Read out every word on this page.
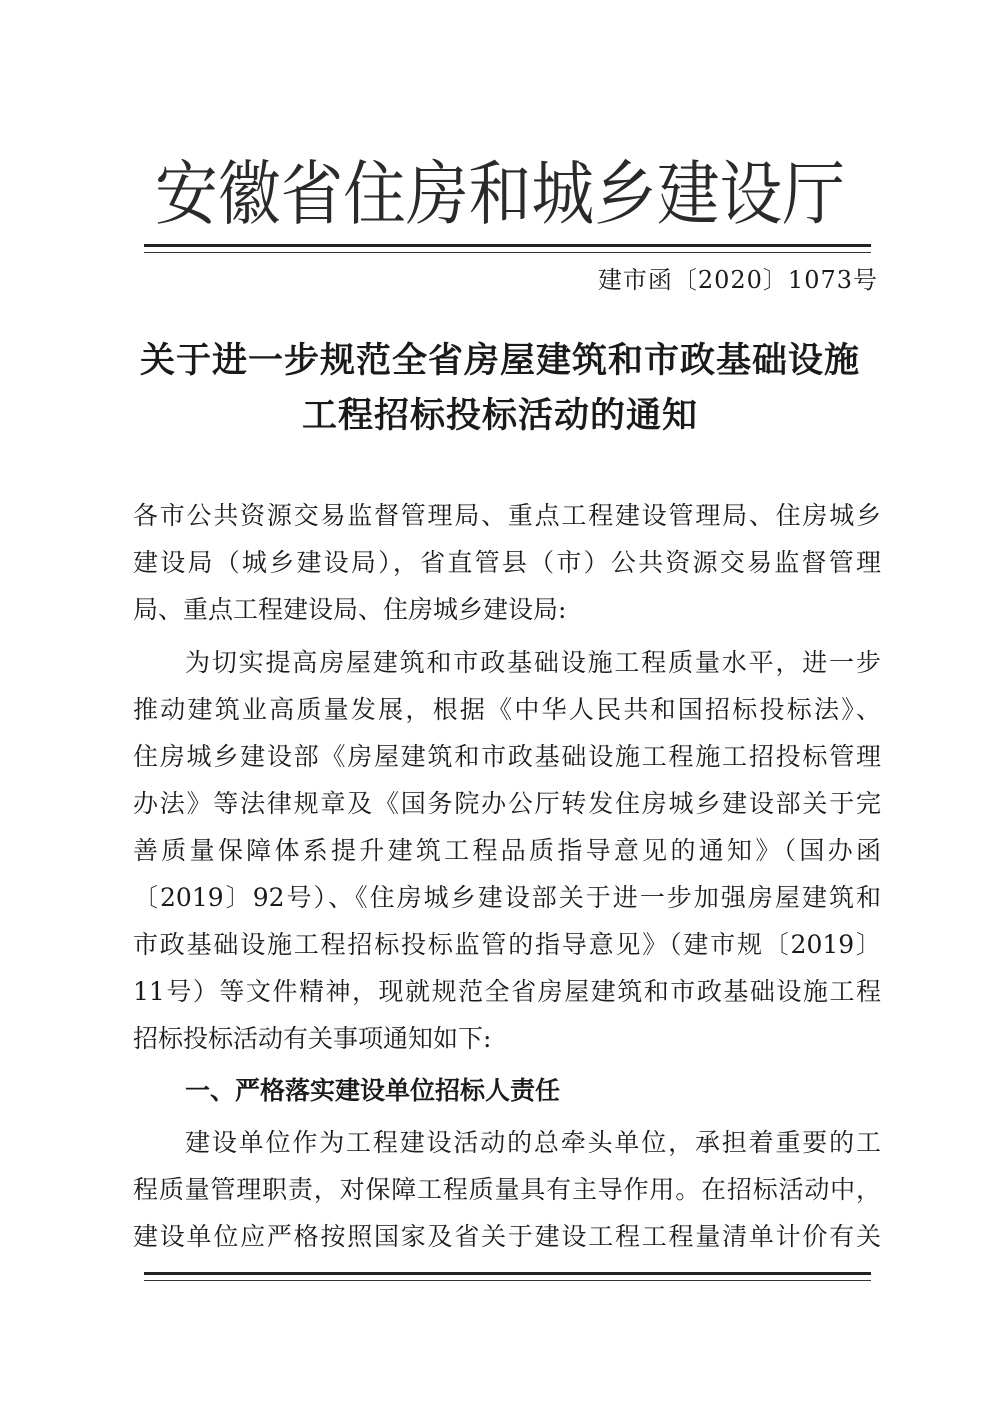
安徽省住房和城乡建设厅
建市函〔2020〕1073号
关于进一步规范全省房屋建筑和市政基础设施
工程招标投标活动的通知
各市公共资源交易监督管理局、重点工程建设管理局、住房城乡
建设局（城乡建设局），省直管县（市）公共资源交易监督管理
局、重点工程建设局、住房城乡建设局:
为切实提高房屋建筑和市政基础设施工程质量水平，进一步
推动建筑业高质量发展，根据《中华人民共和国招标投标法》、
住房城乡建设部《房屋建筑和市政基础设施工程施工招投标管理
办法》等法律规章及《国务院办公厅转发住房城乡建设部关于完
善质量保障体系提升建筑工程品质指导意见的通知》（国办函
〔2019〕92号）、《住房城乡建设部关于进一步加强房屋建筑和
市政基础设施工程招标投标监管的指导意见》（建市规〔2019〕
11号）等文件精神，现就规范全省房屋建筑和市政基础设施工程
招标投标活动有关事项通知如下:
一、严格落实建设单位招标人责任
建设单位作为工程建设活动的总牵头单位，承担着重要的工
程质量管理职责，对保障工程质量具有主导作用。在招标活动中，
建设单位应严格按照国家及省关于建设工程工程量清单计价有关
